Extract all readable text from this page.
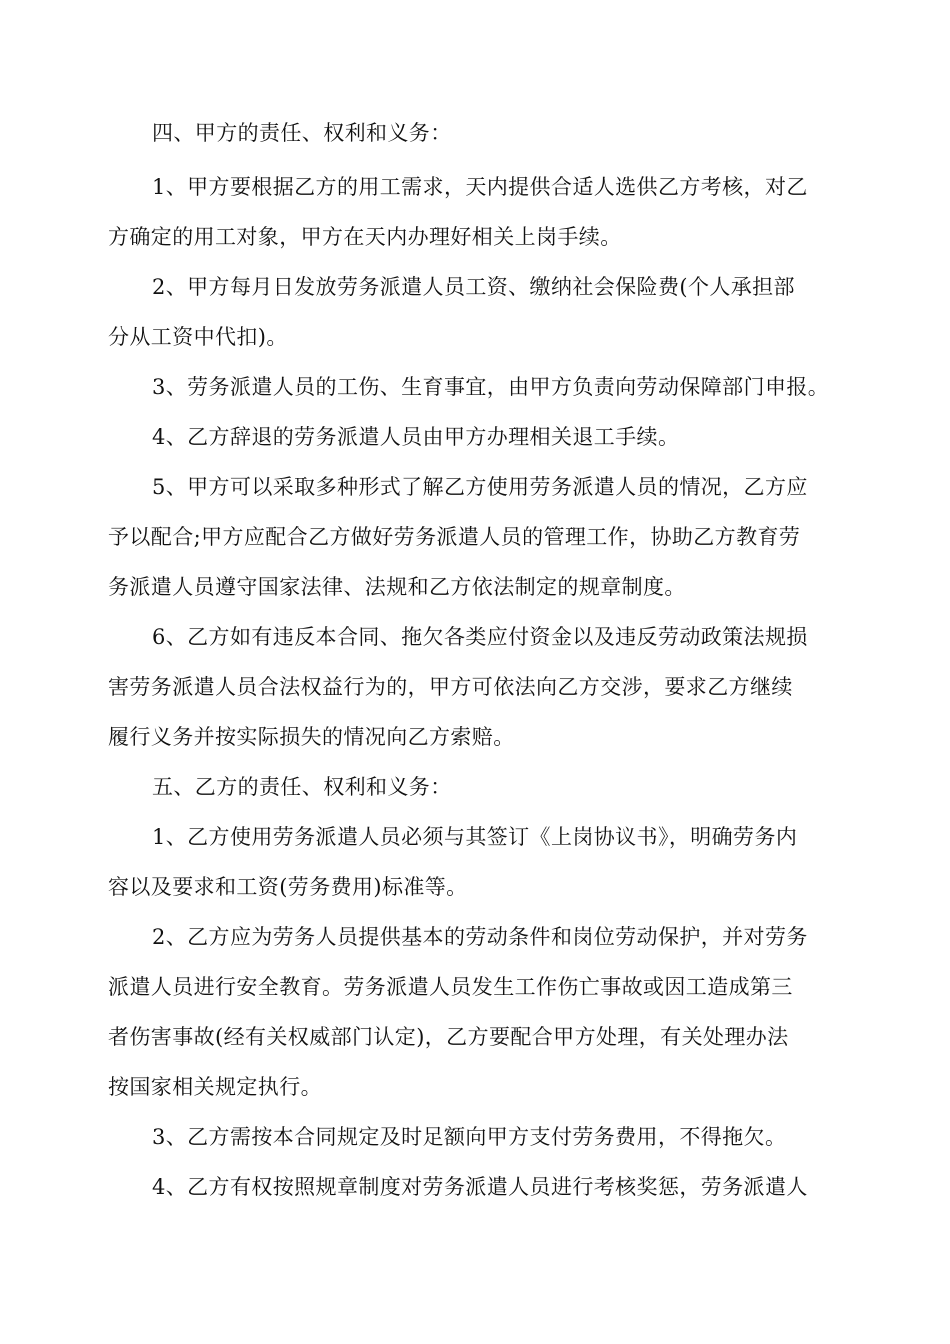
四、甲方的责任、权利和义务：
1、甲方要根据乙方的用工需求，天内提供合适人选供乙方考核，对乙
方确定的用工对象，甲方在天内办理好相关上岗手续。
2、甲方每月日发放劳务派遣人员工资、缴纳社会保险费(个人承担部
分从工资中代扣)。
3、劳务派遣人员的工伤、生育事宜，由甲方负责向劳动保障部门申报。
4、乙方辞退的劳务派遣人员由甲方办理相关退工手续。
5、甲方可以采取多种形式了解乙方使用劳务派遣人员的情况，乙方应
予以配合;甲方应配合乙方做好劳务派遣人员的管理工作，协助乙方教育劳
务派遣人员遵守国家法律、法规和乙方依法制定的规章制度。
6、乙方如有违反本合同、拖欠各类应付资金以及违反劳动政策法规损
害劳务派遣人员合法权益行为的，甲方可依法向乙方交涉，要求乙方继续
履行义务并按实际损失的情况向乙方索赔。
五、乙方的责任、权利和义务：
1、乙方使用劳务派遣人员必须与其签订《上岗协议书》，明确劳务内
容以及要求和工资(劳务费用)标准等。
2、乙方应为劳务人员提供基本的劳动条件和岗位劳动保护，并对劳务
派遣人员进行安全教育。劳务派遣人员发生工作伤亡事故或因工造成第三
者伤害事故(经有关权威部门认定)，乙方要配合甲方处理，有关处理办法
按国家相关规定执行。
3、乙方需按本合同规定及时足额向甲方支付劳务费用，不得拖欠。
4、乙方有权按照规章制度对劳务派遣人员进行考核奖惩，劳务派遣人
